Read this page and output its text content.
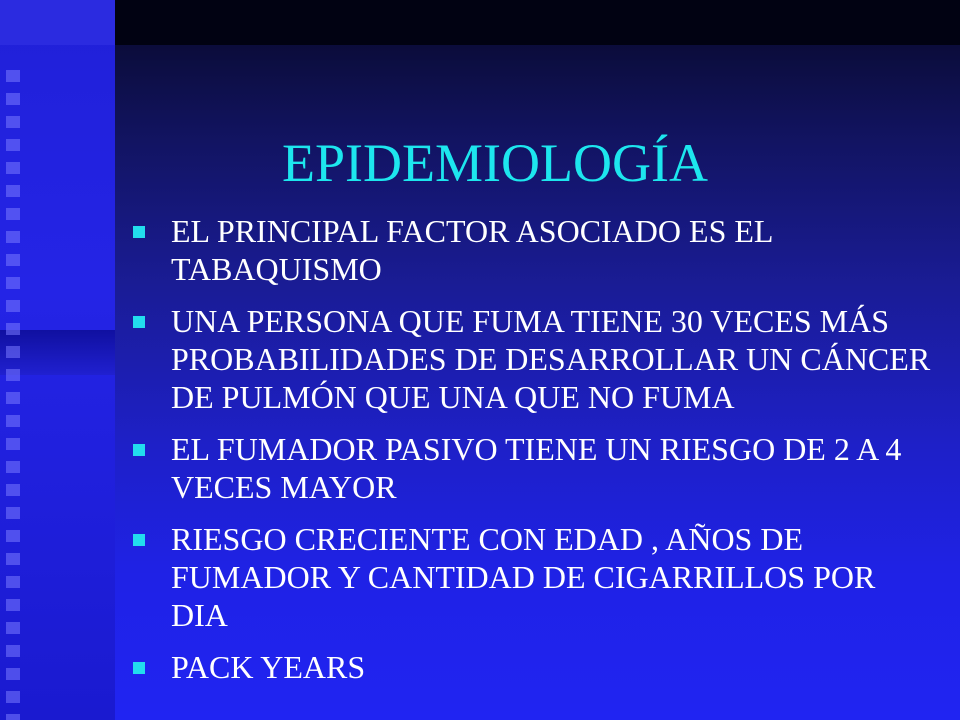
EPIDEMIOLOGÍA
EL PRINCIPAL FACTOR ASOCIADO ES EL TABAQUISMO
UNA PERSONA QUE FUMA TIENE 30 VECES MÁS PROBABILIDADES DE DESARROLLAR UN CÁNCER DE PULMÓN QUE UNA QUE NO FUMA
EL FUMADOR PASIVO TIENE UN RIESGO DE 2 A 4 VECES MAYOR
RIESGO CRECIENTE CON EDAD , AÑOS DE FUMADOR Y CANTIDAD DE CIGARRILLOS POR DIA
PACK YEARS
